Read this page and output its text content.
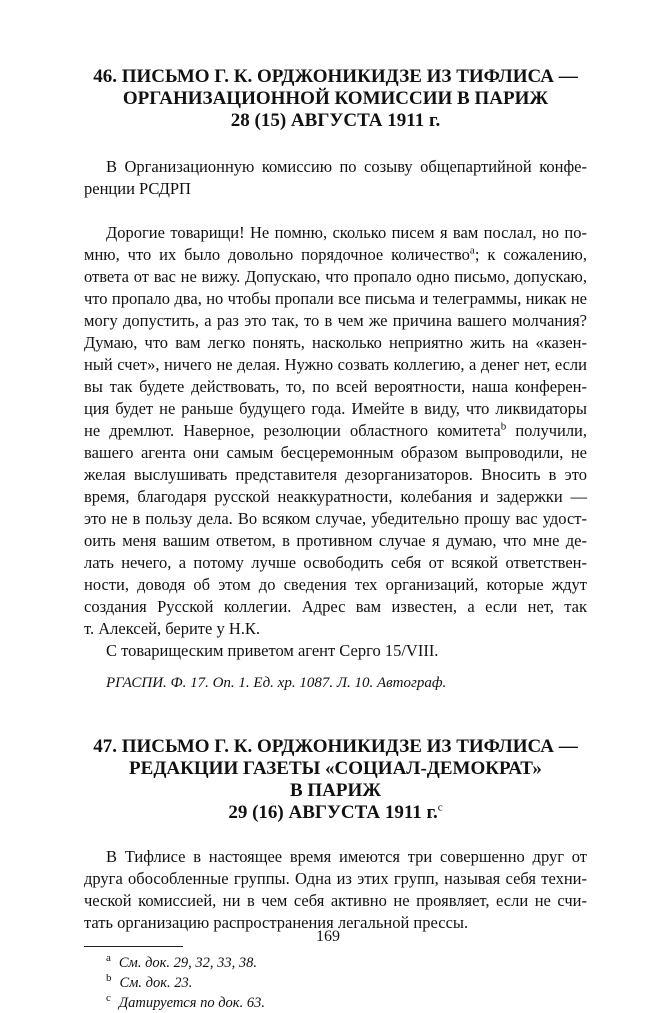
46. ПИСЬМО Г. К. ОРДЖОНИКИДЗЕ ИЗ ТИФЛИСА —
ОРГАНИЗАЦИОННОЙ КОМИССИИ В ПАРИЖ
28 (15) АВГУСТА 1911 г.
В Организационную комиссию по созыву общепартийной конфе-
ренции РСДРП
Дорогие товарищи! Не помню, сколько писем я вам послал, но по-
мню, что их было довольно порядочное количество$^a$; к сожалению,
ответа от вас не вижу. Допускаю, что пропало одно письмо, допускаю,
что пропало два, но чтобы пропали все письма и телеграммы, никак не
могу допустить, а раз это так, то в чем же причина вашего молчания?
Думаю, что вам легко понять, насколько неприятно жить на «казен-
ный счет», ничего не делая. Нужно созвать коллегию, а денег нет, если
вы так будете действовать, то, по всей вероятности, наша конферен-
ция будет не раньше будущего года. Имейте в виду, что ликвидаторы
не дремлют. Наверное, резолюции областного комитета$^b$ получили,
вашего агента они самым бесцеремонным образом выпроводили, не
желая выслушивать представителя дезорганизаторов. Вносить в это
время, благодаря русской неаккуратности, колебания и задержки —
это не в пользу дела. Во всяком случае, убедительно прошу вас удост-
оить меня вашим ответом, в противном случае я думаю, что мне де-
лать нечего, а потому лучше освободить себя от всякой ответствен-
ности, доводя об этом до сведения тех организаций, которые ждут
создания Русской коллегии. Адрес вам известен, а если нет, так
т. Алексей, берите у Н.К.
С товарищеским приветом агент Серго 15/VIII.
РГАСПИ. Ф. 17. Оп. 1. Ед. хр. 1087. Л. 10. Автограф.
47. ПИСЬМО Г. К. ОРДЖОНИКИДЗЕ ИЗ ТИФЛИСА —
РЕДАКЦИИ ГАЗЕТЫ «СОЦИАЛ-ДЕМОКРАТ»
В ПАРИЖ
29 (16) АВГУСТА 1911 г.$^c$
В Тифлисе в настоящее время имеются три совершенно друг от
друга обособленные группы. Одна из этих групп, называя себя техни-
ческой комиссией, ни в чем себя активно не проявляет, если не счи-
тать организацию распространения легальной прессы.
$^a$ См. док. 29, 32, 33, 38.
$^b$ См. док. 23.
$^c$ Датируется по док. 63.
169
